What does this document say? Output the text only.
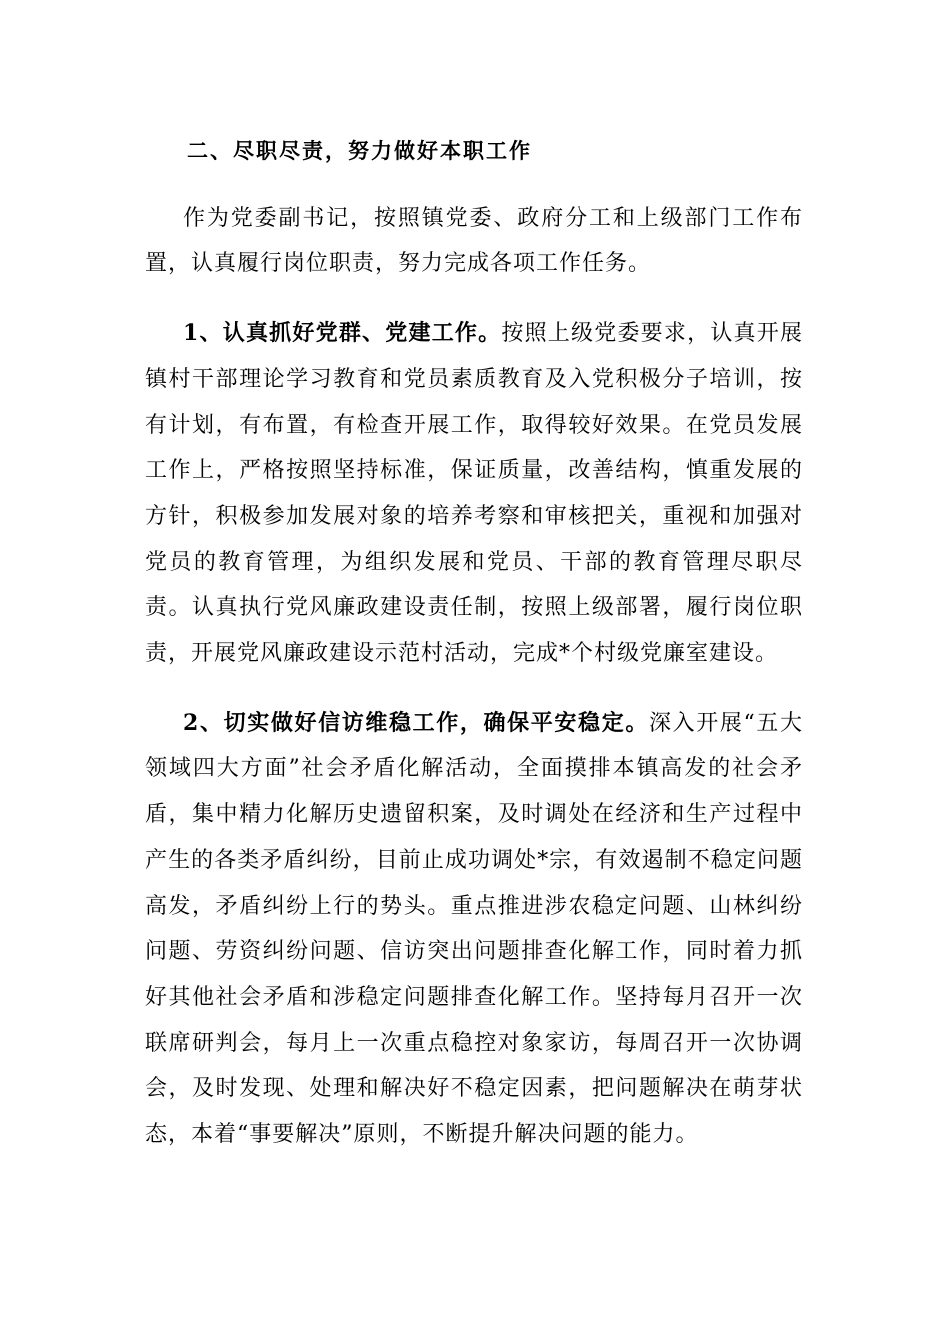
二、尽职尽责，努力做好本职工作

作为党委副书记，按照镇党委、政府分工和上级部门工作布置，认真履行岗位职责，努力完成各项工作任务。

1、认真抓好党群、党建工作。按照上级党委要求，认真开展镇村干部理论学习教育和党员素质教育及入党积极分子培训，按有计划，有布置，有检查开展工作，取得较好效果。在党员发展工作上，严格按照坚持标准，保证质量，改善结构，慎重发展的方针，积极参加发展对象的培养考察和审核把关，重视和加强对党员的教育管理，为组织发展和党员、干部的教育管理尽职尽责。认真执行党风廉政建设责任制，按照上级部署，履行岗位职责，开展党风廉政建设示范村活动，完成*个村级党廉室建设。

2、切实做好信访维稳工作，确保平安稳定。深入开展“五大领域四大方面”社会矛盾化解活动，全面摸排本镇高发的社会矛盾，集中精力化解历史遗留积案，及时调处在经济和生产过程中产生的各类矛盾纠纷，目前止成功调处*宗，有效遏制不稳定问题高发，矛盾纠纷上行的势头。重点推进涉农稳定问题、山林纠纷问题、劳资纠纷问题、信访突出问题排查化解工作，同时着力抓好其他社会矛盾和涉稳定问题排查化解工作。坚持每月召开一次联席研判会，每月上一次重点稳控对象家访，每周召开一次协调会，及时发现、处理和解决好不稳定因素，把问题解决在萌芽状态，本着“事要解决”原则，不断提升解决问题的能力。
